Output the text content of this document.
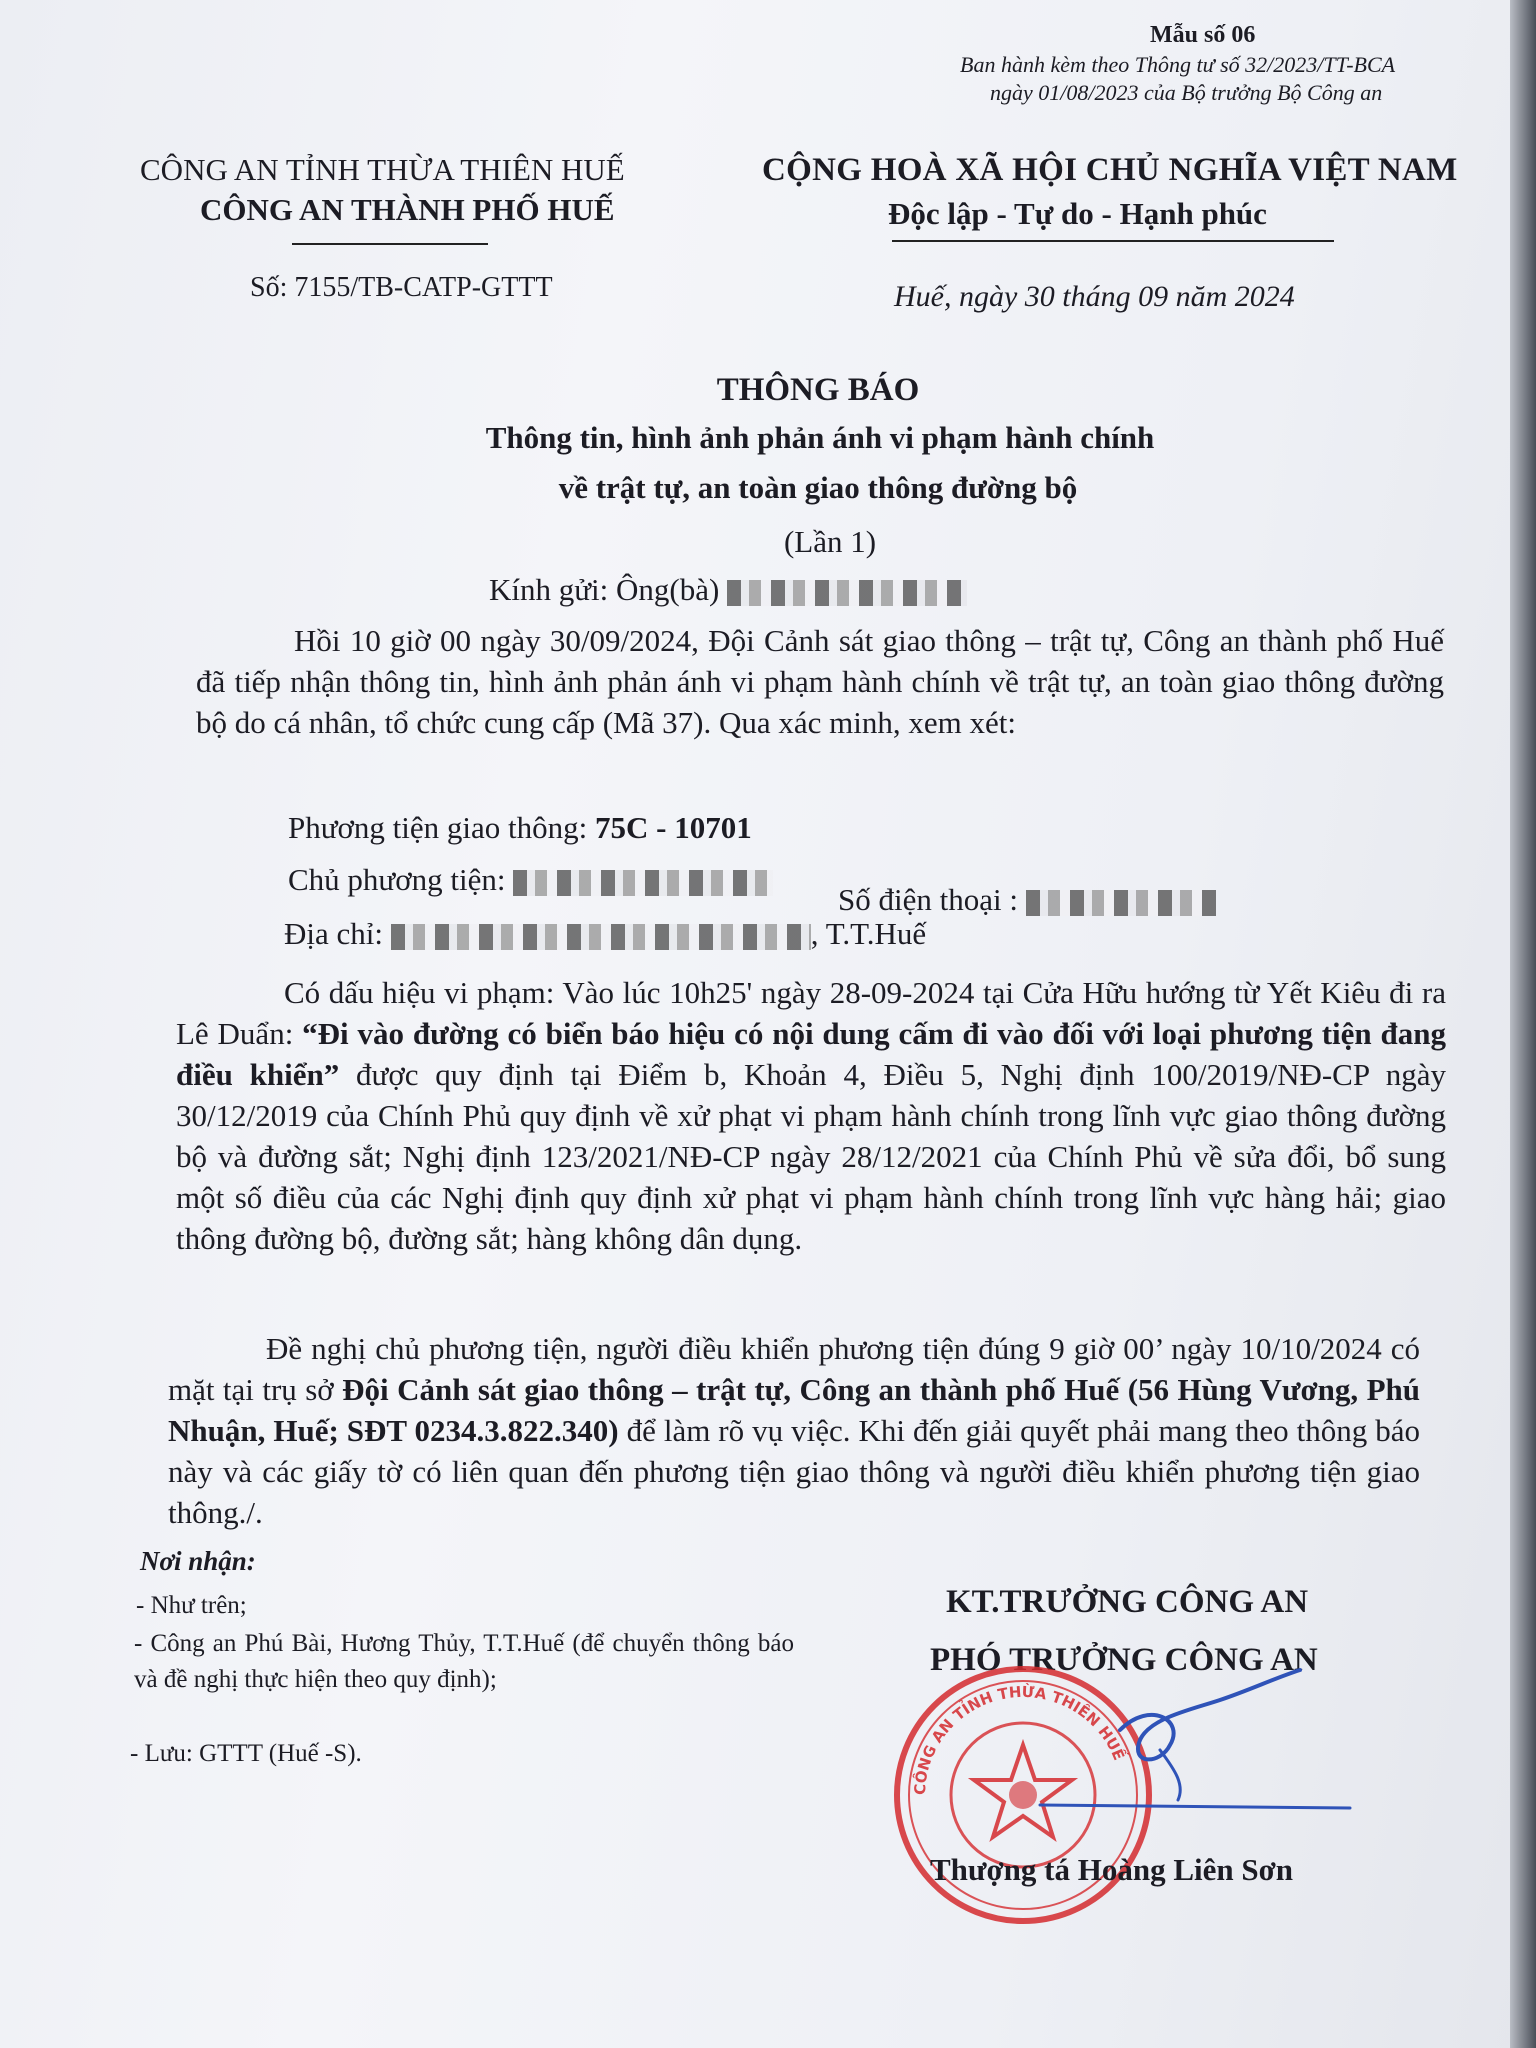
Mẫu số 06
Ban hành kèm theo Thông tư số 32/2023/TT-BCA
ngày 01/08/2023 của Bộ trưởng Bộ Công an
CÔNG AN TỈNH THỪA THIÊN HUẾ
CÔNG AN THÀNH PHỐ HUẾ
Số: 7155/TB-CATP-GTTT
CỘNG HOÀ XÃ HỘI CHỦ NGHĨA VIỆT NAM
Độc lập - Tự do - Hạnh phúc
Huế, ngày 30 tháng 09 năm 2024
THÔNG BÁO
Thông tin, hình ảnh phản ánh vi phạm hành chính
về trật tự, an toàn giao thông đường bộ
(Lần 1)
Kính gửi: Ông(bà)
Hồi 10 giờ 00 ngày 30/09/2024, Đội Cảnh sát giao thông – trật tự, Công an thành phố Huế đã tiếp nhận thông tin, hình ảnh phản ánh vi phạm hành chính về trật tự, an toàn giao thông đường bộ do cá nhân, tổ chức cung cấp (Mã 37). Qua xác minh, xem xét:
Phương tiện giao thông: 75C - 10701
Chủ phương tiện:
Số điện thoại :
Địa chỉ:	, T.T.Huế
Có dấu hiệu vi phạm: Vào lúc 10h25' ngày 28-09-2024 tại Cửa Hữu hướng từ Yết Kiêu đi ra Lê Duẩn: “Đi vào đường có biển báo hiệu có nội dung cấm đi vào đối với loại phương tiện đang điều khiển” được quy định tại Điểm b, Khoản 4, Điều 5, Nghị định 100/2019/NĐ-CP ngày 30/12/2019 của Chính Phủ quy định về xử phạt vi phạm hành chính trong lĩnh vực giao thông đường bộ và đường sắt; Nghị định 123/2021/NĐ-CP ngày 28/12/2021 của Chính Phủ về sửa đổi, bổ sung một số điều của các Nghị định quy định xử phạt vi phạm hành chính trong lĩnh vực hàng hải; giao thông đường bộ, đường sắt; hàng không dân dụng.
Đề nghị chủ phương tiện, người điều khiển phương tiện đúng 9 giờ 00’ ngày 10/10/2024 có mặt tại trụ sở Đội Cảnh sát giao thông – trật tự, Công an thành phố Huế (56 Hùng Vương, Phú Nhuận, Huế; SĐT 0234.3.822.340) để làm rõ vụ việc. Khi đến giải quyết phải mang theo thông báo này và các giấy tờ có liên quan đến phương tiện giao thông và người điều khiển phương tiện giao thông./.
Nơi nhận:
- Như trên;
- Công an Phú Bài, Hương Thủy, T.T.Huế (để chuyển thông báo và đề nghị thực hiện theo quy định);
- Lưu: GTTT (Huế -S).
KT.TRƯỞNG CÔNG AN
PHÓ TRƯỞNG CÔNG AN
CÔNG AN TỈNH THỪA THIÊN HUẾ
Thượng tá Hoàng Liên Sơn
